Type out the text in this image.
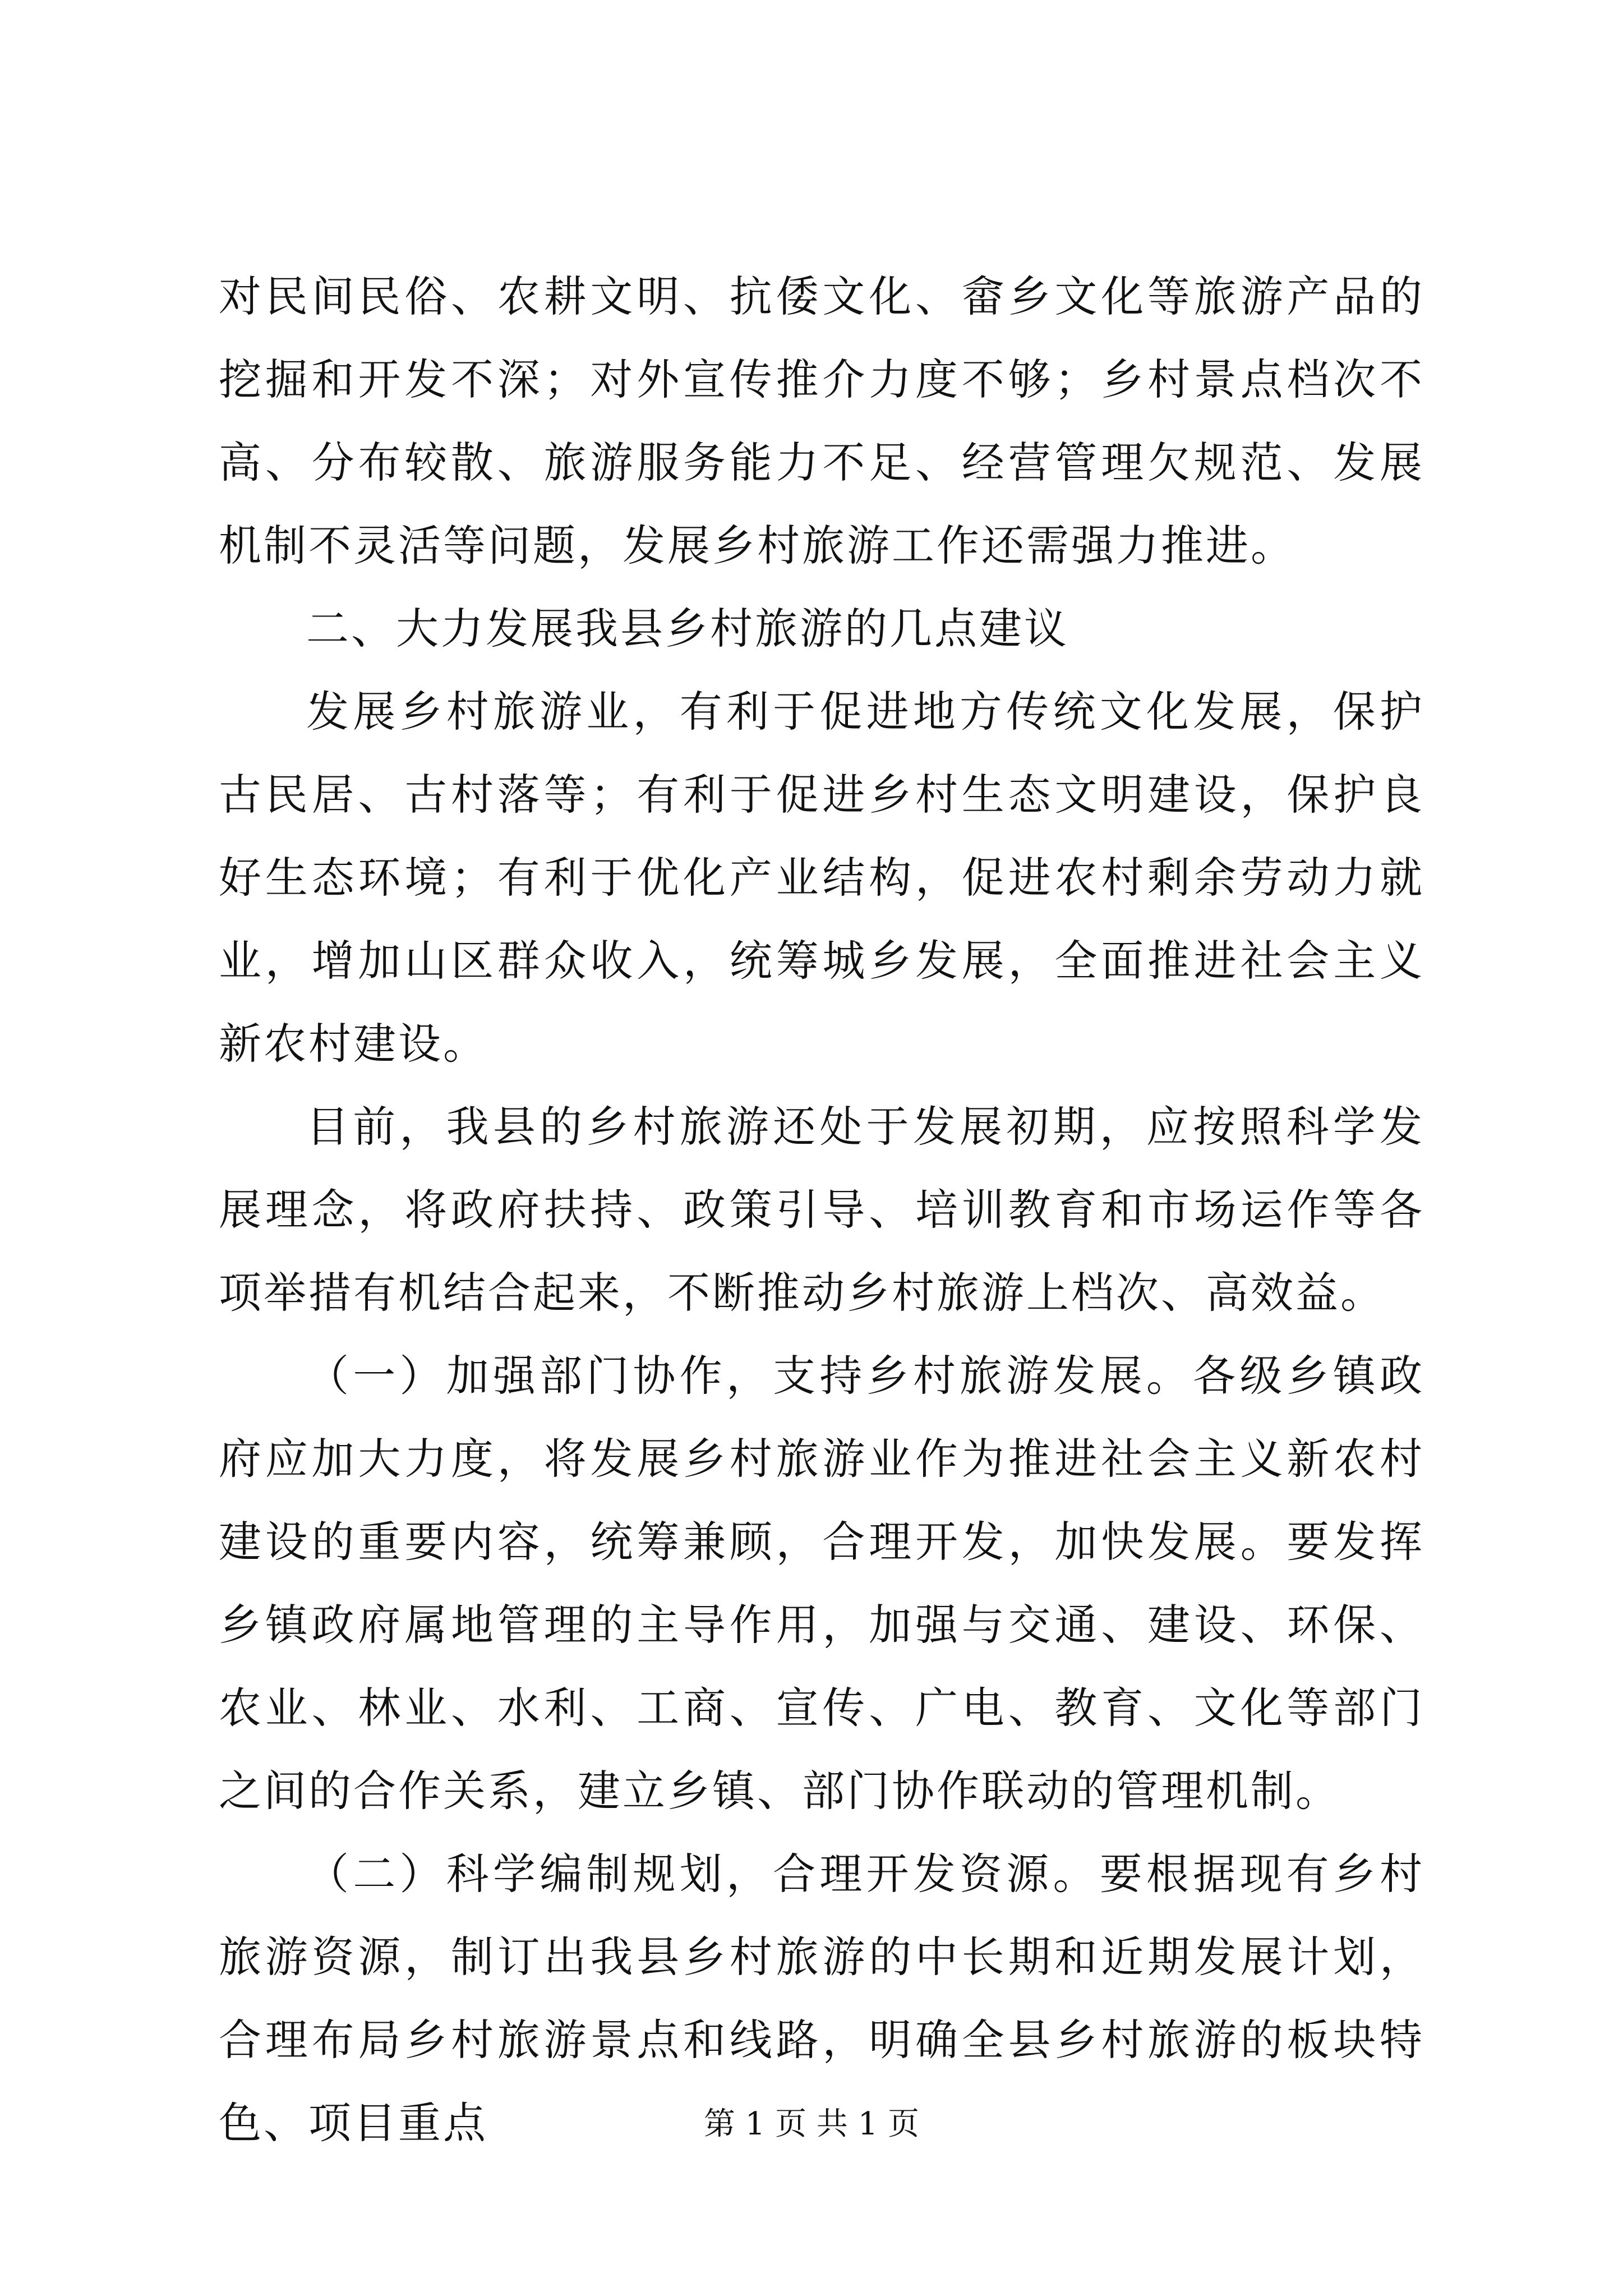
对民间民俗、农耕文明、抗倭文化、畲乡文化等旅游产品的挖掘和开发不深；对外宣传推介力度不够；乡村景点档次不高、分布较散、旅游服务能力不足、经营管理欠规范、发展机制不灵活等问题，发展乡村旅游工作还需强力推进。

二、大力发展我县乡村旅游的几点建议

发展乡村旅游业，有利于促进地方传统文化发展，保护古民居、古村落等；有利于促进乡村生态文明建设，保护良好生态环境；有利于优化产业结构，促进农村剩余劳动力就业，增加山区群众收入，统筹城乡发展，全面推进社会主义新农村建设。

目前，我县的乡村旅游还处于发展初期，应按照科学发展理念，将政府扶持、政策引导、培训教育和市场运作等各项举措有机结合起来，不断推动乡村旅游上档次、高效益。

（一）加强部门协作，支持乡村旅游发展。各级乡镇政府应加大力度，将发展乡村旅游业作为推进社会主义新农村建设的重要内容，统筹兼顾，合理开发，加快发展。要发挥乡镇政府属地管理的主导作用，加强与交通、建设、环保、农业、林业、水利、工商、宣传、广电、教育、文化等部门之间的合作关系，建立乡镇、部门协作联动的管理机制。

（二）科学编制规划，合理开发资源。要根据现有乡村旅游资源，制订出我县乡村旅游的中长期和近期发展计划，合理布局乡村旅游景点和线路，明确全县乡村旅游的板块特色、项目重点	第 1 页 共 1 页
